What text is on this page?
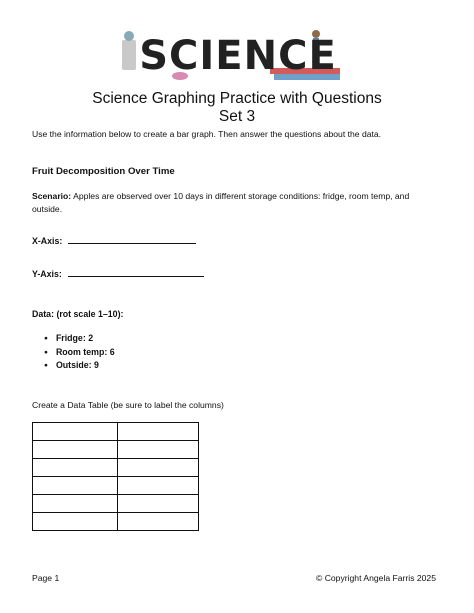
SCIENCE
Science Graphing Practice with Questions
Set 3
Use the information below to create a bar graph. Then answer the questions about the data.
Fruit Decomposition Over Time
Scenario: Apples are observed over 10 days in different storage conditions: fridge, room temp, and outside.
X-Axis:
Y-Axis:
Data: (rot scale 1–10):
● Fridge: 2
● Room temp: 6
● Outside: 9
Create a Data Table (be sure to label the columns)

Page 1	© Copyright Angela Farris 2025
